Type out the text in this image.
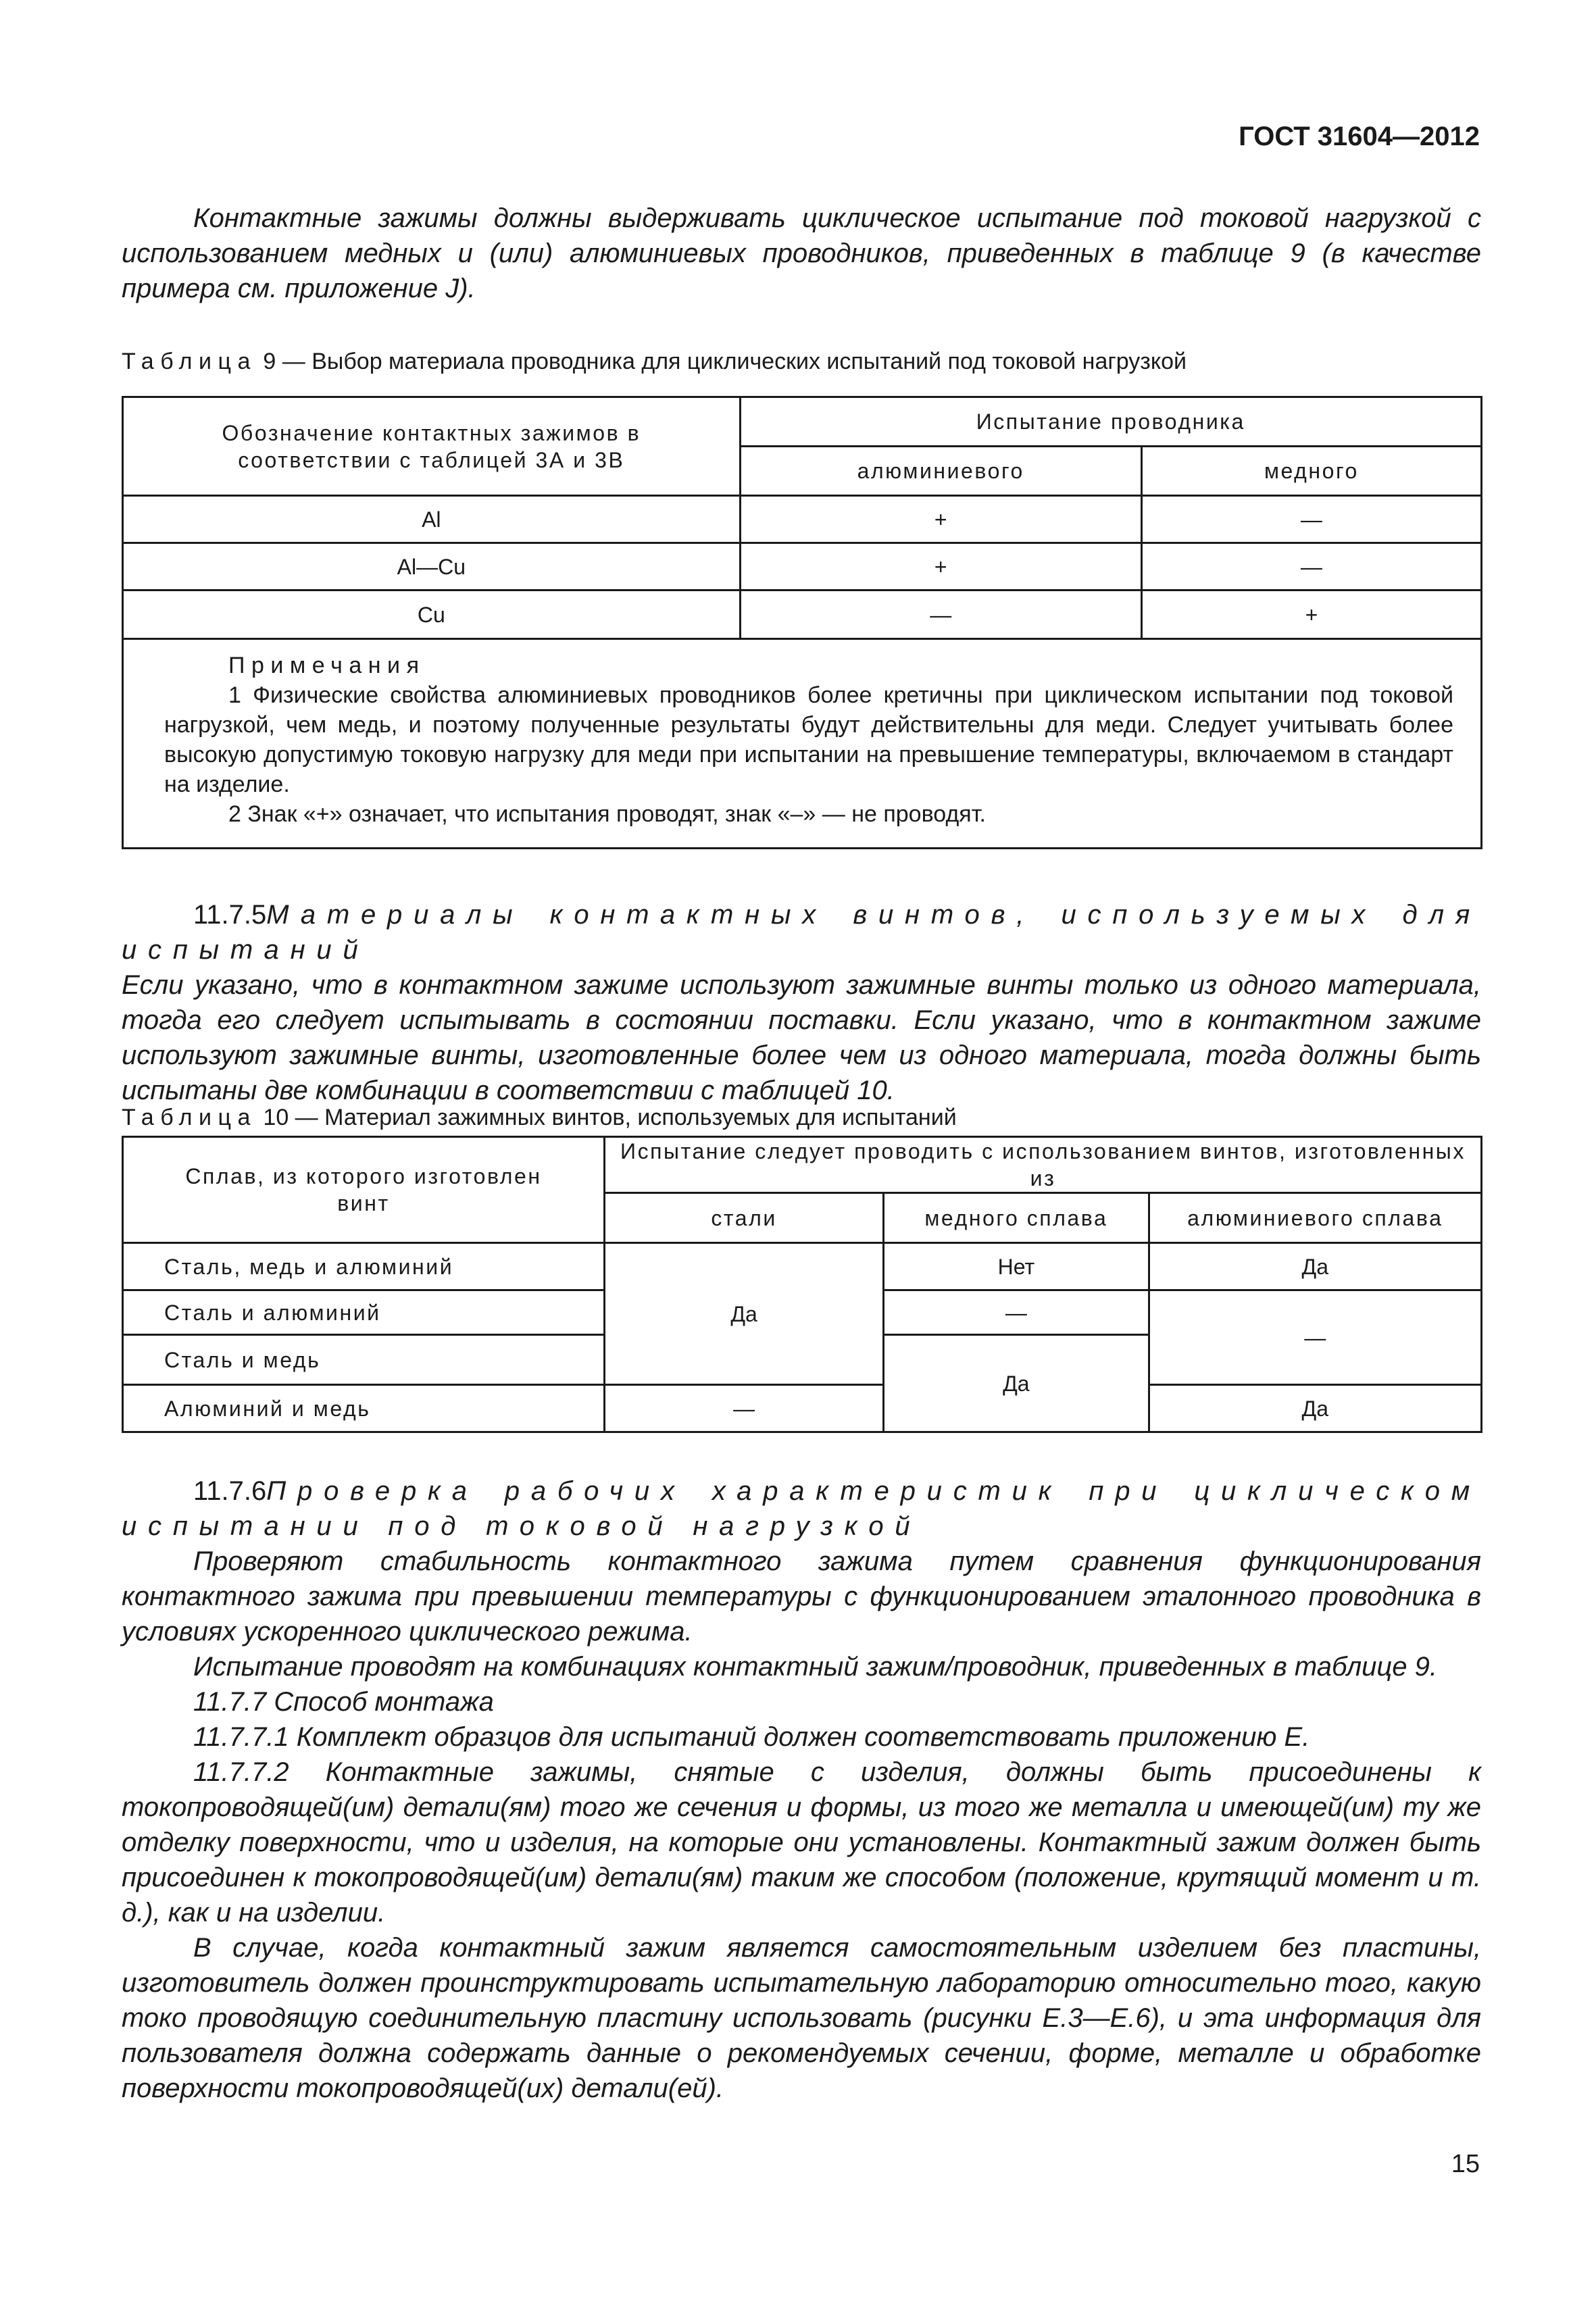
ГОСТ 31604—2012
Контактные зажимы должны выдерживать циклическое испытание под токовой нагрузкой с использованием медных и (или) алюминиевых проводников, приведенных в таблице 9 (в качестве примера см. приложение J).
Таблица 9 — Выбор материала проводника для циклических испытаний под токовой нагрузкой
Обозначение контактных зажимов в соответствии с таблицей 3А и 3В	Испытание проводника	
	алюминиевого	медного
Al	+	—
Al—Cu	+	—
Cu	—	+

Примечания
1 Физические свойства алюминиевых проводников более кретичны при циклическом испытании под токовой нагрузкой, чем медь, и поэтому полученные результаты будут действительны для меди. Следует учитывать более высокую допустимую токовую нагрузку для меди при испытании на превышение температуры, включаемом в стандарт на изделие.
2 Знак «+» означает, что испытания проводят, знак «–» — не проводят.		
11.7.5Материалы контактных винтов, используемых для испытаний
Если указано, что в контактном зажиме используют зажимные винты только из одного материала, тогда его следует испытывать в состоянии поставки. Если указано, что в контактном зажиме используют зажимные винты, изготовленные более чем из одного материала, тогда должны быть испытаны две комбинации в соответствии с таблицей 10.
Таблица 10 — Материал зажимных винтов, используемых для испытаний
Сплав, из которого изготовлен винт	Испытание следует проводить с использованием винтов, изготовленных из		
	стали	медного сплава	алюминиевого сплава
Сталь, медь и алюминий	Да	Нет	Да
Сталь и алюминий		—	—
Сталь и медь		Да	
Алюминий и медь	—		Да
11.7.6Проверка рабочих характеристик при циклическом испытании под токовой нагрузкой
Проверяют стабильность контактного зажима путем сравнения функционирования контактного зажима при превышении температуры с функционированием эталонного проводника в условиях ускоренного циклического режима.
Испытание проводят на комбинациях контактный зажим/проводник, приведенных в таблице 9.
11.7.7 Способ монтажа
11.7.7.1 Комплект образцов для испытаний должен соответствовать приложению Е.
11.7.7.2 Контактные зажимы, снятые с изделия, должны быть присоединены к токопроводящей(им) детали(ям) того же сечения и формы, из того же металла и имеющей(им) ту же отделку поверхности, что и изделия, на которые они установлены. Контактный зажим должен быть присоединен к токопроводящей(им) детали(ям) таким же способом (положение, крутящий момент и т. д.), как и на изделии.
В случае, когда контактный зажим является самостоятельным изделием без пластины, изготовитель должен проинструктировать испытательную лабораторию относительно того, какую токо проводящую соединительную пластину использовать (рисунки Е.3—Е.6), и эта информация для пользователя должна содержать данные о рекомендуемых сечении, форме, металле и обработке поверхности токопроводящей(их) детали(ей).
15
